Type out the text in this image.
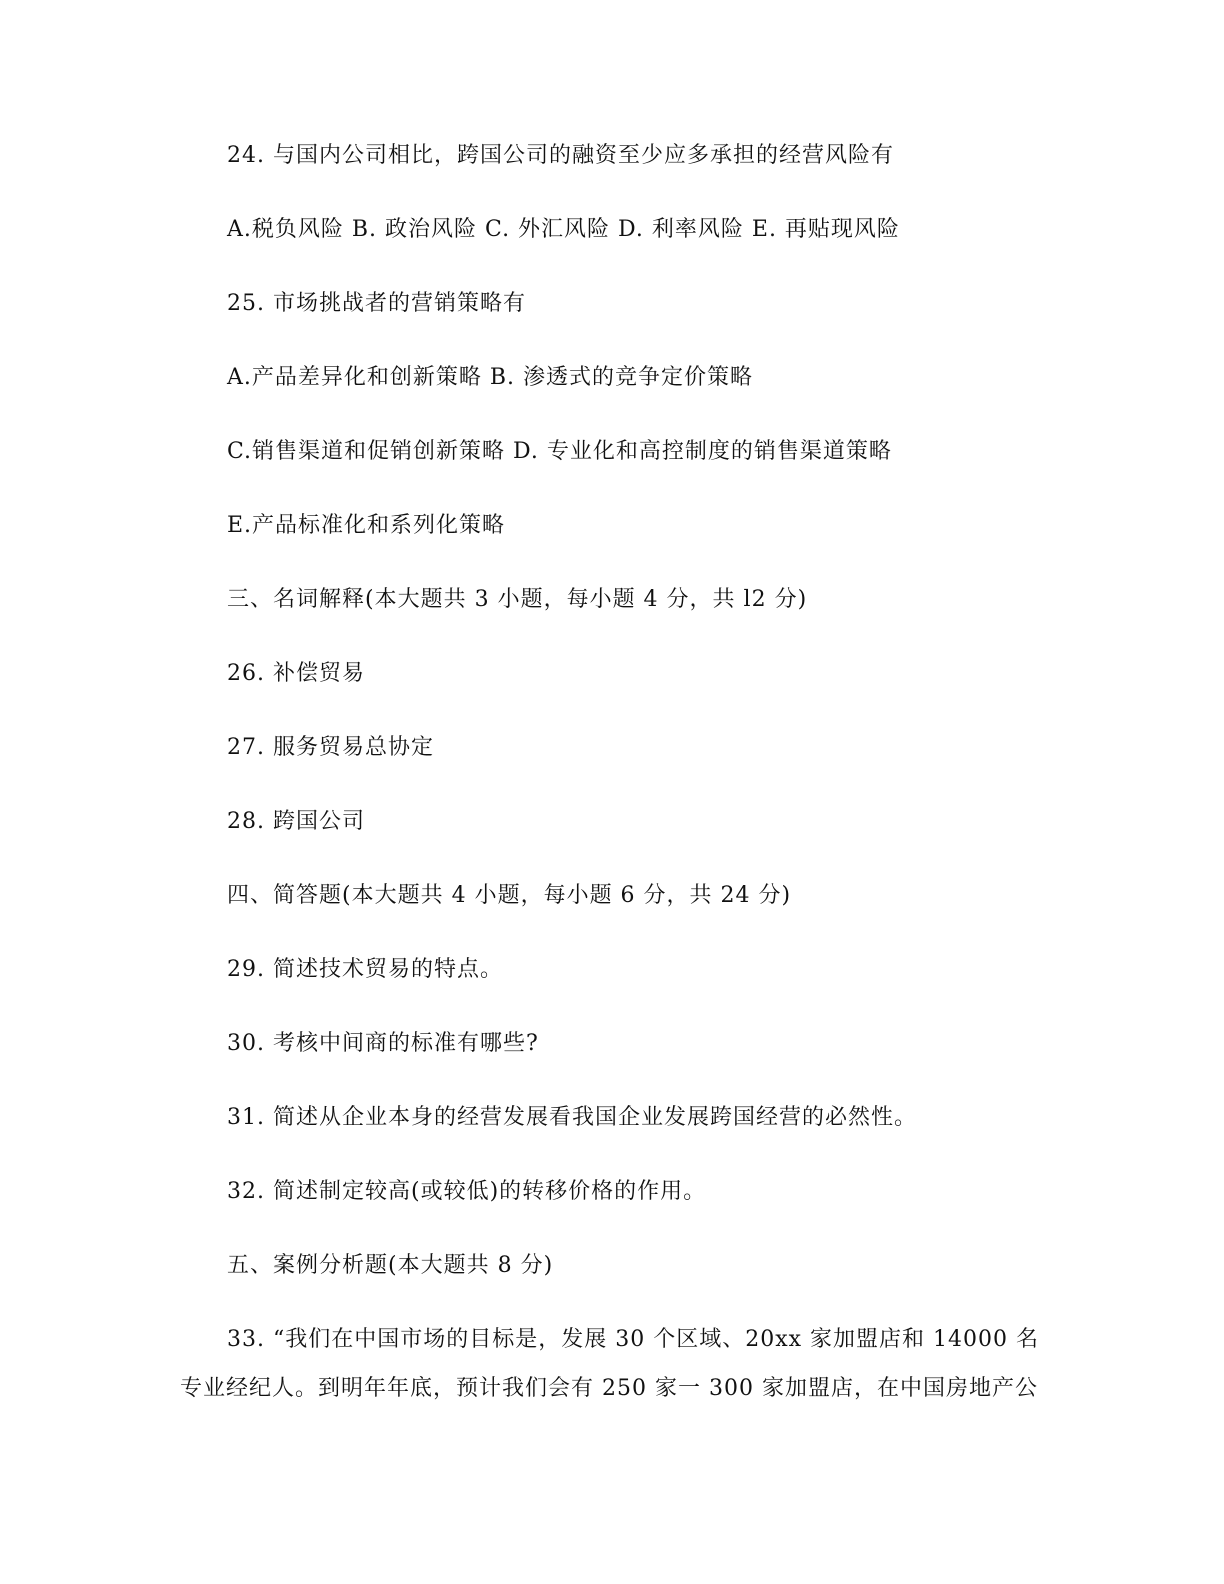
24. 与国内公司相比，跨国公司的融资至少应多承担的经营风险有
A.税负风险 B. 政治风险 C. 外汇风险 D. 利率风险 E. 再贴现风险
25. 市场挑战者的营销策略有
A.产品差异化和创新策略 B. 渗透式的竞争定价策略
C.销售渠道和促销创新策略 D. 专业化和高控制度的销售渠道策略
E.产品标准化和系列化策略
三、名词解释(本大题共 3 小题，每小题 4 分，共 l2 分)
26. 补偿贸易
27. 服务贸易总协定
28. 跨国公司
四、简答题(本大题共 4 小题，每小题 6 分，共 24 分)
29. 简述技术贸易的特点。
30. 考核中间商的标准有哪些?
31. 简述从企业本身的经营发展看我国企业发展跨国经营的必然性。
32. 简述制定较高(或较低)的转移价格的作用。
五、案例分析题(本大题共 8 分)
33. “我们在中国市场的目标是，发展 30 个区域、20xx 家加盟店和 14000 名
专业经纪人。到明年年底，预计我们会有 250 家一 300 家加盟店，在中国房地产公
